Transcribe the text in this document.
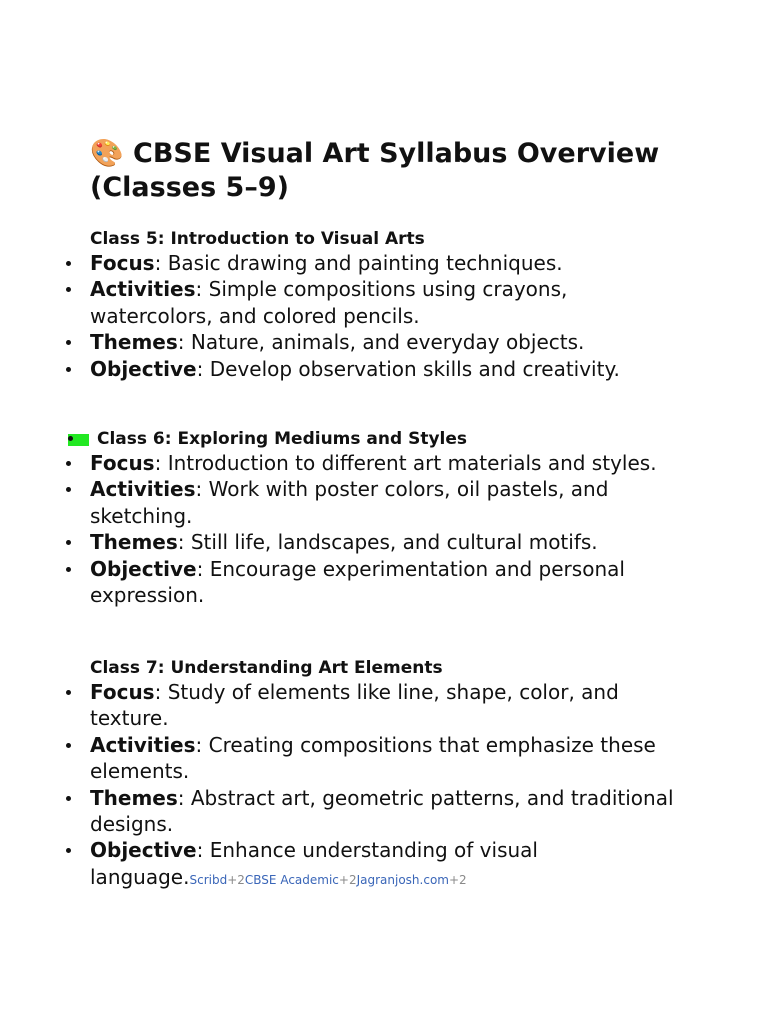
🎨 CBSE Visual Art Syllabus Overview (Classes 5–9)
Class 5: Introduction to Visual Arts
Focus: Basic drawing and painting techniques.
Activities: Simple compositions using crayons, watercolors, and colored pencils.
Themes: Nature, animals, and everyday objects.
Objective: Develop observation skills and creativity.
Class 6: Exploring Mediums and Styles
Focus: Introduction to different art materials and styles.
Activities: Work with poster colors, oil pastels, and sketching.
Themes: Still life, landscapes, and cultural motifs.
Objective: Encourage experimentation and personal expression.
Class 7: Understanding Art Elements
Focus: Study of elements like line, shape, color, and texture.
Activities: Creating compositions that emphasize these elements.
Themes: Abstract art, geometric patterns, and traditional designs.
Objective: Enhance understanding of visual language.Scribd+2CBSE Academic+2Jagranjosh.com+2
